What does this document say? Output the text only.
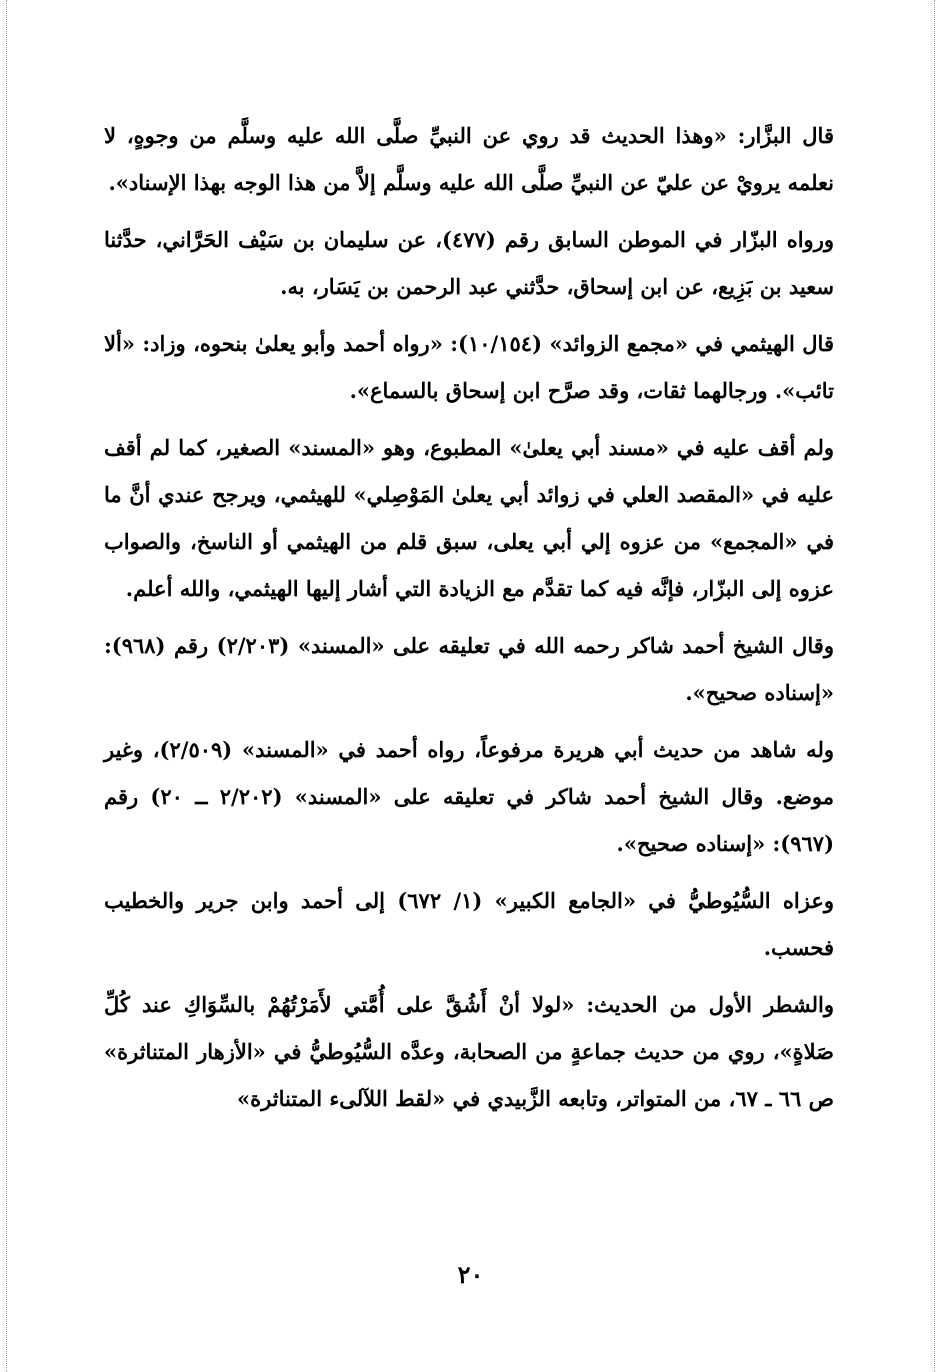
قال البزَّار: «وهذا الحديث قد روي عن النبيِّ صلَّى الله عليه وسلَّم من وجوهٍ، لا نعلمه يرويْ عن عليّ عن النبيِّ صلَّى الله عليه وسلَّم إلاَّ من هذا الوجه بهذا الإسناد».

ورواه البزّار في الموطن السابق رقم (٤٧٧)، عن سليمان بن سَيْف الحَرَّاني، حدَّثنا سعيد بن بَزِيع، عن ابن إسحاق، حدَّثني عبد الرحمن بن يَسَار، به.

قال الهيثمي في «مجمع الزوائد» (١٠/١٥٤): «رواه أحمد وأبو يعلىٰ بنحوه، وزاد: «ألا تائب». ورجالهما ثقات، وقد صرَّح ابن إسحاق بالسماع».

ولم أقف عليه في «مسند أبي يعلىٰ» المطبوع، وهو «المسند» الصغير، كما لم أقف عليه في «المقصد العلي في زوائد أبي يعلىٰ المَوْصِلي» للهيثمي، ويرجح عندي أنَّ ما في «المجمع» من عزوه إلي أبي يعلى، سبق قلم من الهيثمي أو الناسخ، والصواب عزوه إلى البزّار، فإنَّه فيه كما تقدَّم مع الزيادة التي أشار إليها الهيثمي، والله أعلم.

وقال الشيخ أحمد شاكر رحمه الله في تعليقه على «المسند» (٢/٢٠٣) رقم (٩٦٨): «إسناده صحيح».

وله شاهد من حديث أبي هريرة مرفوعاً، رواه أحمد في «المسند» (٢/٥٠٩)، وغير موضع. وقال الشيخ أحمد شاكر في تعليقه على «المسند» (٢/٢٠٢ ــ ٢٠) رقم (٩٦٧): «إسناده صحيح».

وعزاه السُّيُوطيُّ في «الجامع الكبير» (١/ ٦٧٢) إلى أحمد وابن جرير والخطيب فحسب.

والشطر الأول من الحديث: «لولا أنْ أَشُقَّ على أُمَّتي لأَمَرْتُهُمْ بالسِّوَاكِ عند كُلِّ صَلاةٍ»، روي من حديث جماعةٍ من الصحابة، وعدَّه السُّيُوطيُّ في «الأزهار المتناثرة» ص ٦٦ ـ ٦٧، من المتواتر، وتابعه الزَّبيدي في «لقط اللآلىء المتناثرة»

٢٠
